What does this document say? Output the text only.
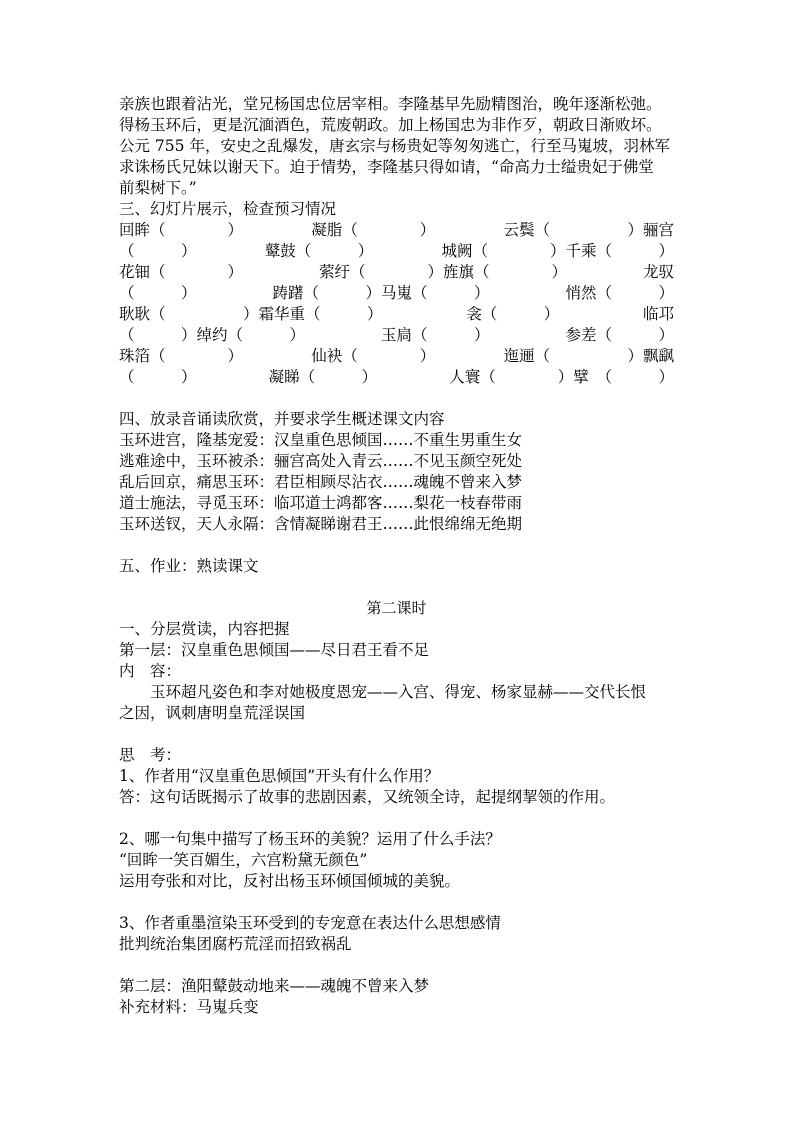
亲族也跟着沾光，堂兄杨国忠位居宰相。李隆基早先励精图治，晚年逐渐松弛。
得杨玉环后，更是沉湎酒色，荒废朝政。加上杨国忠为非作歹，朝政日渐败坏。
公元 755 年，安史之乱爆发，唐玄宗与杨贵妃等匆匆逃亡，行至马嵬坡，羽林军
求诛杨氏兄妹以谢天下。迫于情势，李隆基只得如请，“命高力士缢贵妃于佛堂
前梨树下。”
三、幻灯片展示，检查预习情况
回眸（　　　　）	凝脂（　　　　）	云鬓（　　　　　）骊宫
（　　　）	鼙鼓（　　　）	城阙（　　　　）千乘（　　　）
花钿（　　　　）	萦纡（　　　　）旌旗（　　　　）	龙驭
（　　　）	踌躇（　　　）马嵬（　　　）	悄然（　　　）
耿耿（　　　　　）霜华重（　　　）	衾（　　　）	临邛
（　　　）绰约（　　　）	玉扃（　　　）	参差（　　　）
珠箔（　　　　）	仙袂（　　　　）	迤逦（　　　　　）飘飖
（　　　）	凝睇（　　　）	人寰（　　　　）擘　（　　　）
四、放录音诵读欣赏，并要求学生概述课文内容
玉环进宫，隆基宠爱：汉皇重色思倾国……不重生男重生女
逃难途中，玉环被杀：骊宫高处入青云……不见玉颜空死处
乱后回京，痛思玉环：君臣相顾尽沾衣……魂魄不曾来入梦
道士施法，寻觅玉环：临邛道士鸿都客……梨花一枝春带雨
玉环送钗，天人永隔：含情凝睇谢君王……此恨绵绵无绝期
五、作业：熟读课文
第二课时
一、分层赏读，内容把握
第一层：汉皇重色思倾国——尽日君王看不足
内　容：
玉环超凡姿色和李对她极度恩宠——入宫、得宠、杨家显赫——交代长恨
之因，讽刺唐明皇荒淫误国
思　考：
1、作者用“汉皇重色思倾国”开头有什么作用？
答：这句话既揭示了故事的悲剧因素，又统领全诗，起提纲挈领的作用。
2、哪一句集中描写了杨玉环的美貌？运用了什么手法？
“回眸一笑百媚生，六宫粉黛无颜色”
运用夸张和对比，反衬出杨玉环倾国倾城的美貌。
3、作者重墨渲染玉环受到的专宠意在表达什么思想感情
批判统治集团腐朽荒淫而招致祸乱
第二层：渔阳鼙鼓动地来——魂魄不曾来入梦
补充材料：马嵬兵变
